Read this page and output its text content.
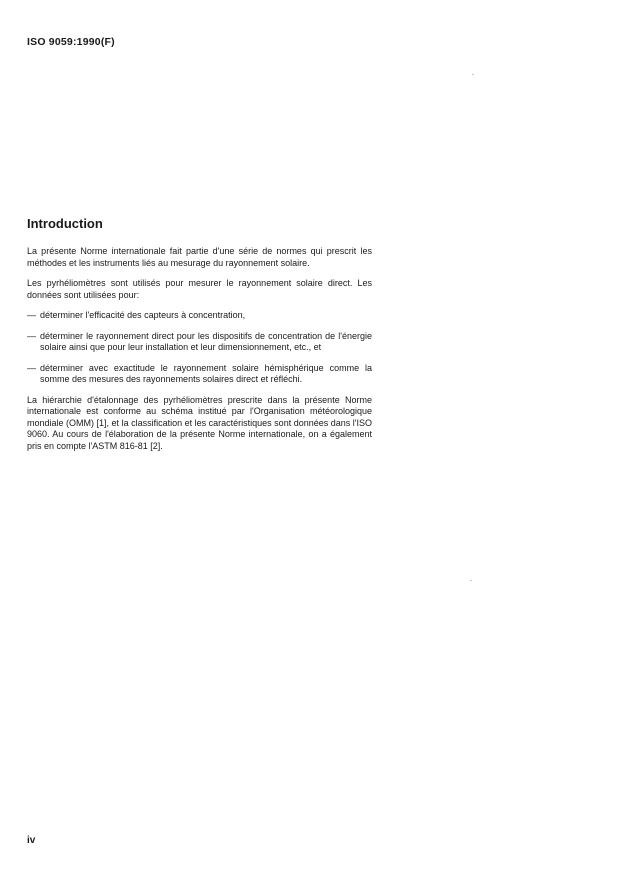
ISO 9059:1990(F)
Introduction

La présente Norme internationale fait partie d'une série de normes qui prescrit les méthodes et les instruments liés au mesurage du rayonnement solaire.

Les pyrhéliomètres sont utilisés pour mesurer le rayonnement solaire direct. Les données sont utilisées pour:

— déterminer l'efficacité des capteurs à concentration,
— déterminer le rayonnement direct pour les dispositifs de concentration de l'énergie solaire ainsi que pour leur installation et leur dimensionnement, etc., et
— déterminer avec exactitude le rayonnement solaire hémisphérique comme la somme des mesures des rayonnements solaires direct et réfléchi.

La hiérarchie d'étalonnage des pyrhéliomètres prescrite dans la présente Norme internationale est conforme au schéma institué par l'Organisation météorologique mondiale (OMM) [1], et la classification et les caractéristiques sont données dans l'ISO 9060. Au cours de l'élaboration de la présente Norme internationale, on a également pris en compte l'ASTM 816-81 [2].

iv
